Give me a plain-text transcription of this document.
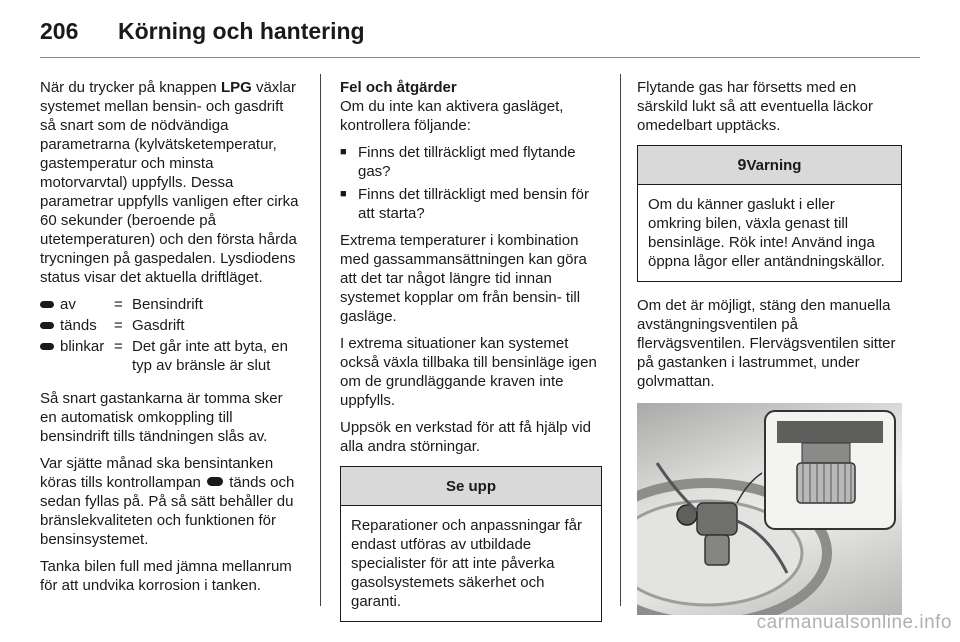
206	Körning och hantering

När du trycker på knappen LPG växlar systemet mellan bensin- och gasdrift så snart som de nödvändiga parametrarna (kylvätsketemperatur, gastemperatur och minsta motorvarvtal) uppfylls. Dessa parametrar uppfylls vanligen efter cirka 60 sekunder (beroende på utetemperaturen) och den första hårda trycningen på gaspedalen. Lysdiodens status visar det aktuella driftläget.

av	= Bensindrift
tänds	= Gasdrift
blinkar = Det går inte att byta, en typ av bränsle är slut

Så snart gastankarna är tomma sker en automatisk omkoppling till bensindrift tills tändningen slås av.

Var sjätte månad ska bensintanken köras tills kontrollampan  tänds och sedan fyllas på. På så sätt behåller du bränslekvaliteten och funktionen för bensinsystemet.

Tanka bilen full med jämna mellanrum för att undvika korrosion i tanken.

Fel och åtgärder

Om du inte kan aktivera gasläget, kontrollera följande:

■ Finns det tillräckligt med flytande gas?
■ Finns det tillräckligt med bensin för att starta?

Extrema temperaturer i kombination med gassammansättningen kan göra att det tar något längre tid innan systemet kopplar om från bensin- till gasläge.

I extrema situationer kan systemet också växla tillbaka till bensinläge igen om de grundläggande kraven inte uppfylls.

Uppsök en verkstad för att få hjälp vid alla andra störningar.

Se upp
Reparationer och anpassningar får endast utföras av utbildade specialister för att inte påverka gasolsystemets säkerhet och garanti.

Flytande gas har försetts med en särskild lukt så att eventuella läckor omedelbart upptäcks.

9Varning
Om du känner gaslukt i eller omkring bilen, växla genast till bensinläge. Rök inte! Använd inga öppna lågor eller antändningskällor.

Om det är möjligt, stäng den manuella avstängningsventilen på flervägsventilen. Flervägsventilen sitter på gastanken i lastrummet, under golvmattan.

carmanualsonline.info
